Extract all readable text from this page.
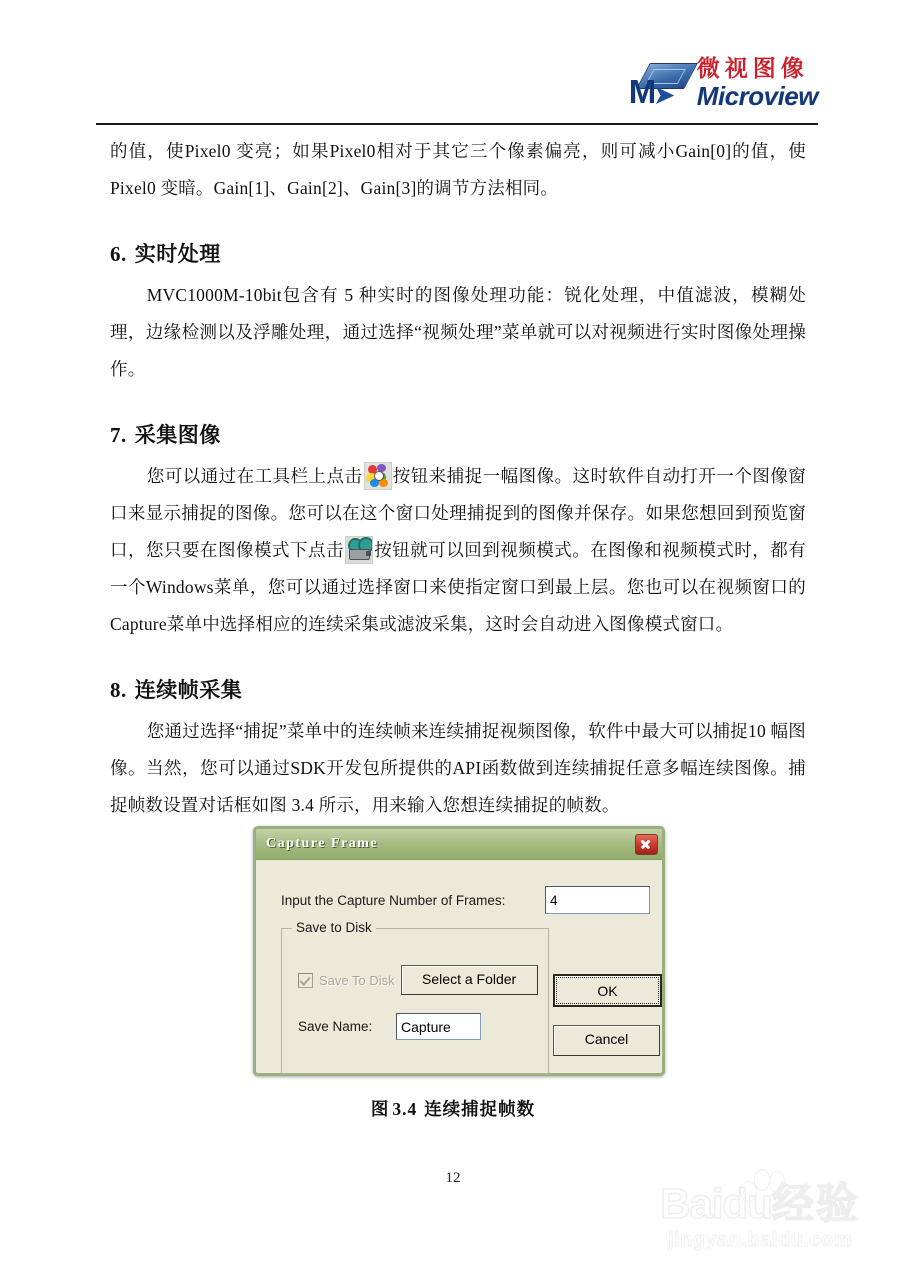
M➤
微视图像
Microview

的值，使Pixel0 变亮；如果Pixel0相对于其它三个像素偏亮，则可减小Gain[0]的值，使Pixel0 变暗。Gain[1]、Gain[2]、Gain[3]的调节方法相同。

6. 实时处理

MVC1000M-10bit包含有 5 种实时的图像处理功能：锐化处理，中值滤波，模糊处理，边缘检测以及浮雕处理，通过选择“视频处理”菜单就可以对视频进行实时图像处理操作。

7. 采集图像

您可以通过在工具栏上点击 按钮来捕捉一幅图像。这时软件自动打开一个图像窗口来显示捕捉的图像。您可以在这个窗口处理捕捉到的图像并保存。如果您想回到预览窗口，您只要在图像模式下点击 按钮就可以回到视频模式。在图像和视频模式时，都有一个Windows菜单，您可以通过选择窗口来使指定窗口到最上层。您也可以在视频窗口的Capture菜单中选择相应的连续采集或滤波采集，这时会自动进入图像模式窗口。

8. 连续帧采集

您通过选择“捕捉”菜单中的连续帧来连续捕捉视频图像，软件中最大可以捕捉10 幅图像。当然，您可以通过SDK开发包所提供的API函数做到连续捕捉任意多幅连续图像。捕捉帧数设置对话框如图 3.4 所示，用来输入您想连续捕捉的帧数。

Capture Frame
Input the Capture Number of Frames:
4
Save to Disk
Save To Disk	Select a Folder
Save Name:
Capture
OK
Cancel
图 3.4 连续捕捉帧数
12
Baidu经验
jingyan.baidu.com
